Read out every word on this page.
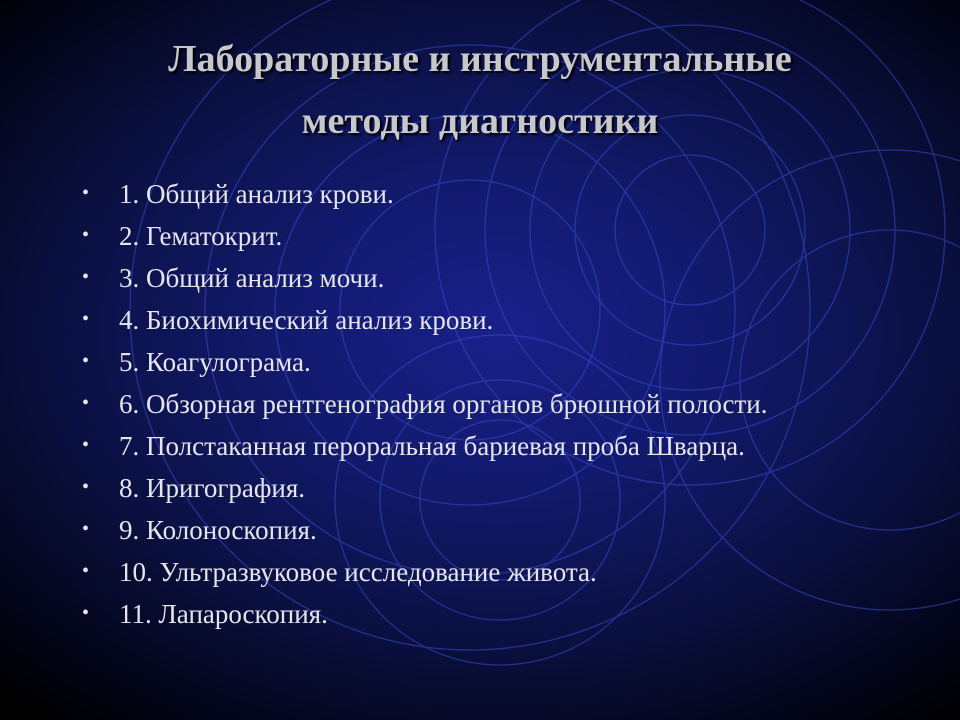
Лабораторные и инструментальные
методы диагностики
• 1. Общий анализ крови.
• 2. Гематокрит.
• 3. Общий анализ мочи.
• 4. Биохимический анализ крови.
• 5. Коагулограма.
• 6. Обзорная рентгенография органов брюшной полости.
• 7. Полстаканная пероральная бариевая проба Шварца.
• 8. Иригография.
• 9. Колоноскопия.
• 10. Ультразвуковое исследование живота.
• 11. Лапароскопия.
